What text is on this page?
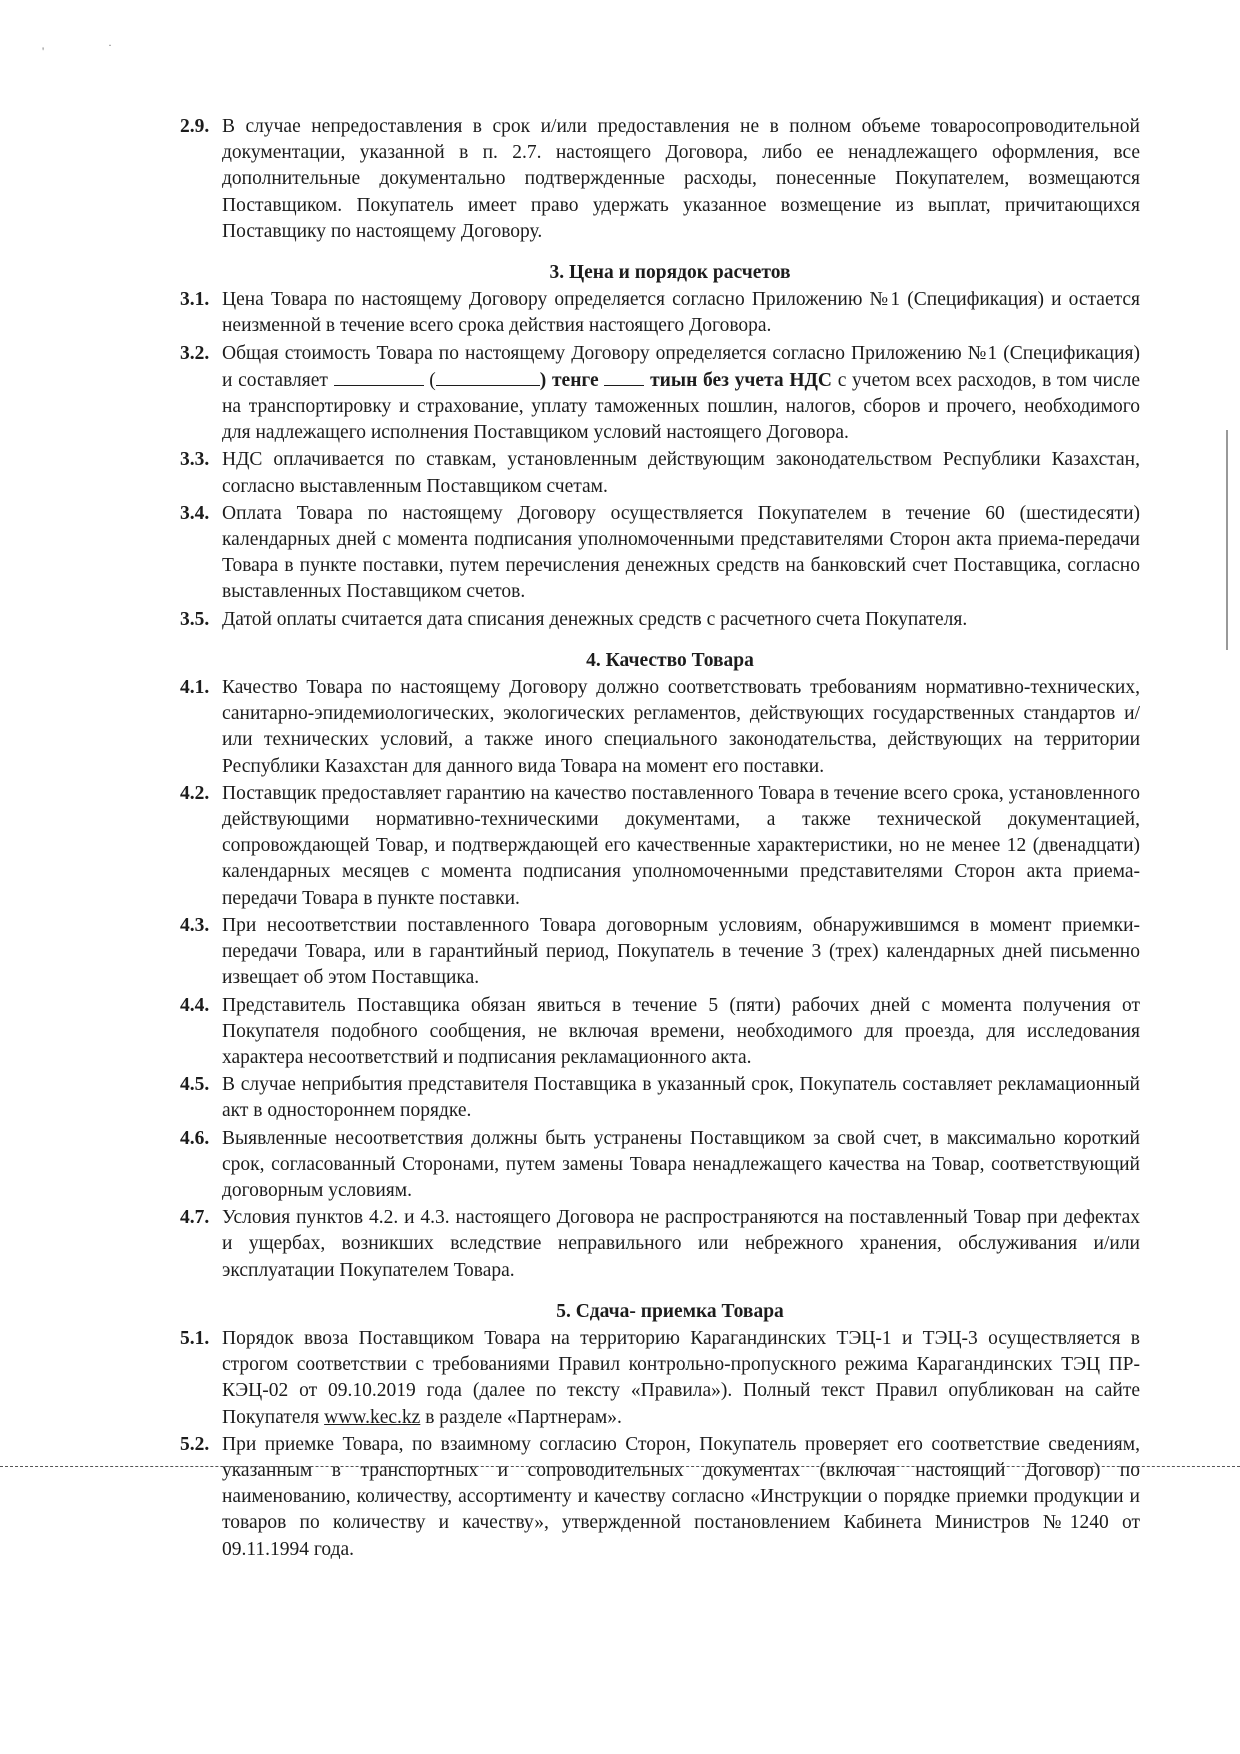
'	·
2.9. В случае непредоставления в срок и/или предоставления не в полном объеме товаросопроводительной документации, указанной в п. 2.7. настоящего Договора, либо ее ненадлежащего оформления, все дополнительные документально подтвержденные расходы, понесенные Покупателем, возмещаются Поставщиком. Покупатель имеет право удержать указанное возмещение из выплат, причитающихся Поставщику по настоящему Договору.
3. Цена и порядок расчетов
3.1. Цена Товара по настоящему Договору определяется согласно Приложению №1 (Спецификация) и остается неизменной в течение всего срока действия настоящего Договора.
3.2. Общая стоимость Товара по настоящему Договору определяется согласно Приложению №1 (Спецификация) и составляет	(	) тенге	тиын без учета НДС с учетом всех расходов, в том числе на транспортировку и страхование, уплату таможенных пошлин, налогов, сборов и прочего, необходимого для надлежащего исполнения Поставщиком условий настоящего Договора.
3.3. НДС оплачивается по ставкам, установленным действующим законодательством Республики Казахстан, согласно выставленным Поставщиком счетам.
3.4. Оплата Товара по настоящему Договору осуществляется Покупателем в течение 60 (шестидесяти) календарных дней с момента подписания уполномоченными представителями Сторон акта приема-передачи Товара в пункте поставки, путем перечисления денежных средств на банковский счет Поставщика, согласно выставленных Поставщиком счетов.
3.5. Датой оплаты считается дата списания денежных средств с расчетного счета Покупателя.
4. Качество Товара
4.1. Качество Товара по настоящему Договору должно соответствовать требованиям нормативно-технических, санитарно-эпидемиологических, экологических регламентов, действующих государственных стандартов и/или технических условий, а также иного специального законодательства, действующих на территории Республики Казахстан для данного вида Товара на момент его поставки.
4.2. Поставщик предоставляет гарантию на качество поставленного Товара в течение всего срока, установленного действующими нормативно-техническими документами, а также технической документацией, сопровождающей Товар, и подтверждающей его качественные характеристики, но не менее 12 (двенадцати) календарных месяцев с момента подписания уполномоченными представителями Сторон акта приема-передачи Товара в пункте поставки.
4.3. При несоответствии поставленного Товара договорным условиям, обнаружившимся в момент приемки-передачи Товара, или в гарантийный период, Покупатель в течение 3 (трех) календарных дней письменно извещает об этом Поставщика.
4.4. Представитель Поставщика обязан явиться в течение 5 (пяти) рабочих дней с момента получения от Покупателя подобного сообщения, не включая времени, необходимого для проезда, для исследования характера несоответствий и подписания рекламационного акта.
4.5. В случае неприбытия представителя Поставщика в указанный срок, Покупатель составляет рекламационный акт в одностороннем порядке.
4.6. Выявленные несоответствия должны быть устранены Поставщиком за свой счет, в максимально короткий срок, согласованный Сторонами, путем замены Товара ненадлежащего качества на Товар, соответствующий договорным условиям.
4.7. Условия пунктов 4.2. и 4.3. настоящего Договора не распространяются на поставленный Товар при дефектах и ущербах, возникших вследствие неправильного или небрежного хранения, обслуживания и/или эксплуатации Покупателем Товара.
5. Сдача- приемка Товара
5.1. Порядок ввоза Поставщиком Товара на территорию Карагандинских ТЭЦ-1 и ТЭЦ-3 осуществляется в строгом соответствии с требованиями Правил контрольно-пропускного режима Карагандинских ТЭЦ ПР-КЭЦ-02 от 09.10.2019 года (далее по тексту «Правила»). Полный текст Правил опубликован на сайте Покупателя www.kec.kz в разделе «Партнерам».
5.2. При приемке Товара, по взаимному согласию Сторон, Покупатель проверяет его соответствие сведениям, указанным в транспортных и сопроводительных документах (включая настоящий Договор) по наименованию, количеству, ассортименту и качеству согласно «Инструкции о порядке приемки продукции и товаров по количеству и качеству», утвержденной постановлением Кабинета Министров №1240 от 09.11.1994 года.
